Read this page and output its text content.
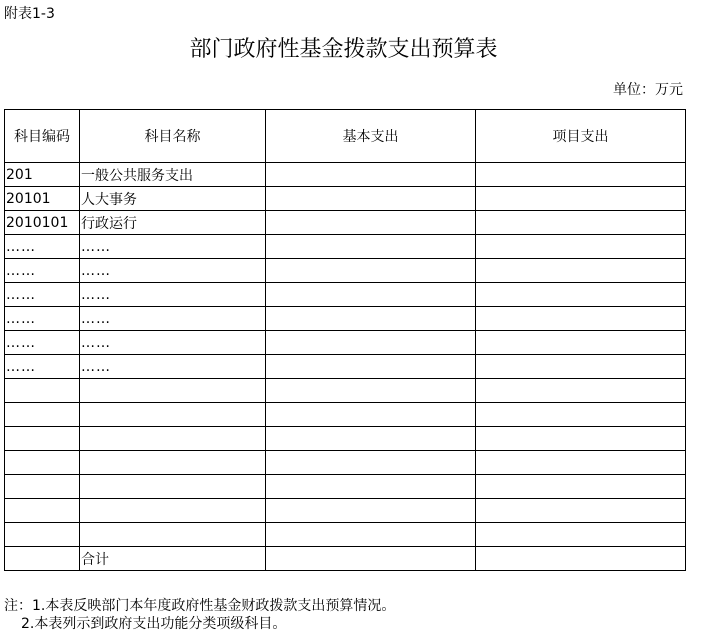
附表1-3
部门政府性基金拨款支出预算表
单位：万元
科目编码	科目名称	基本支出	项目支出
201	一般公共服务支出		
20101	人大事务		
2010101	行政运行		
……	……		
……	……		
……	……		
……	……		
……	……		
……	……		

	合计		
注：1.本表反映部门本年度政府性基金财政拨款支出预算情况。
2.本表列示到政府支出功能分类项级科目。
